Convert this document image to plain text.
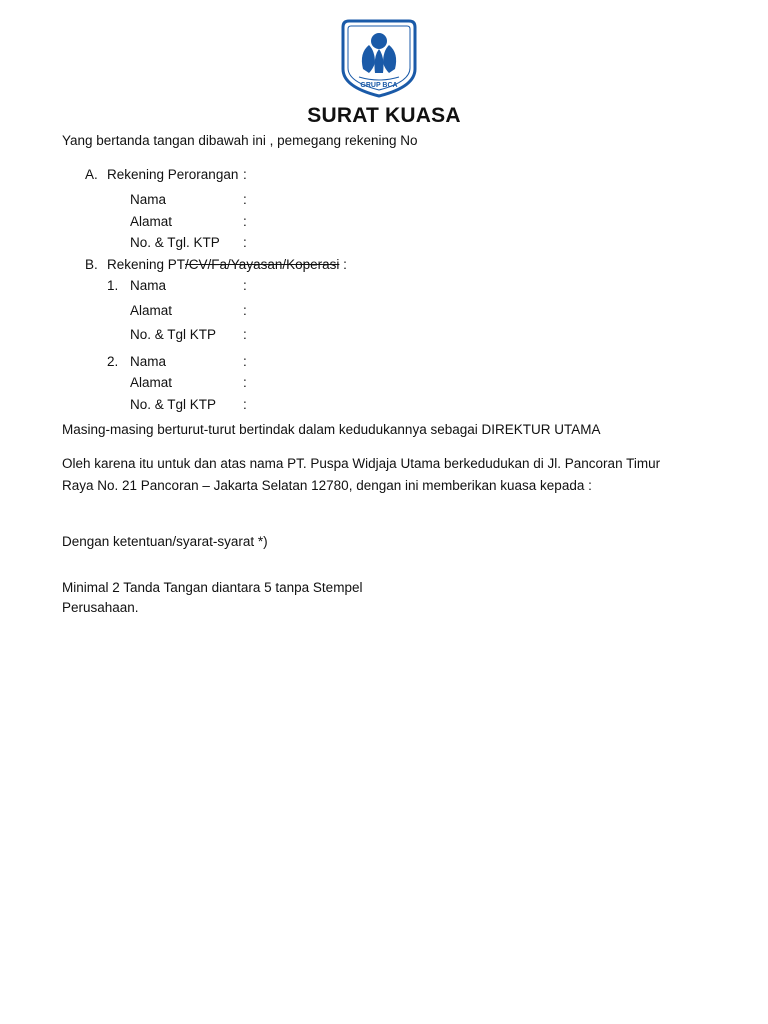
GRUP BCA
SURAT KUASA
Yang bertanda tangan dibawah ini , pemegang rekening No
A. Rekening Perorangan :
Nama	:
Alamat	:
No. & Tgl. KTP :
B. Rekening PT/CV/Fa/Yayasan/Koperasi :
1. Nama	:
Alamat	:
No. & Tgl KTP :
2. Nama	:
Alamat	:
No. & Tgl KTP :
Masing-masing berturut-turut bertindak dalam kedudukannya sebagai DIREKTUR UTAMA
Oleh karena itu untuk dan atas nama PT. Puspa Widjaja Utama berkedudukan di Jl. Pancoran Timur
Raya No. 21 Pancoran – Jakarta Selatan 12780, dengan ini memberikan kuasa kepada :
Dengan ketentuan/syarat-syarat *)
Minimal 2 Tanda Tangan diantara 5 tanpa Stempel
Perusahaan.
